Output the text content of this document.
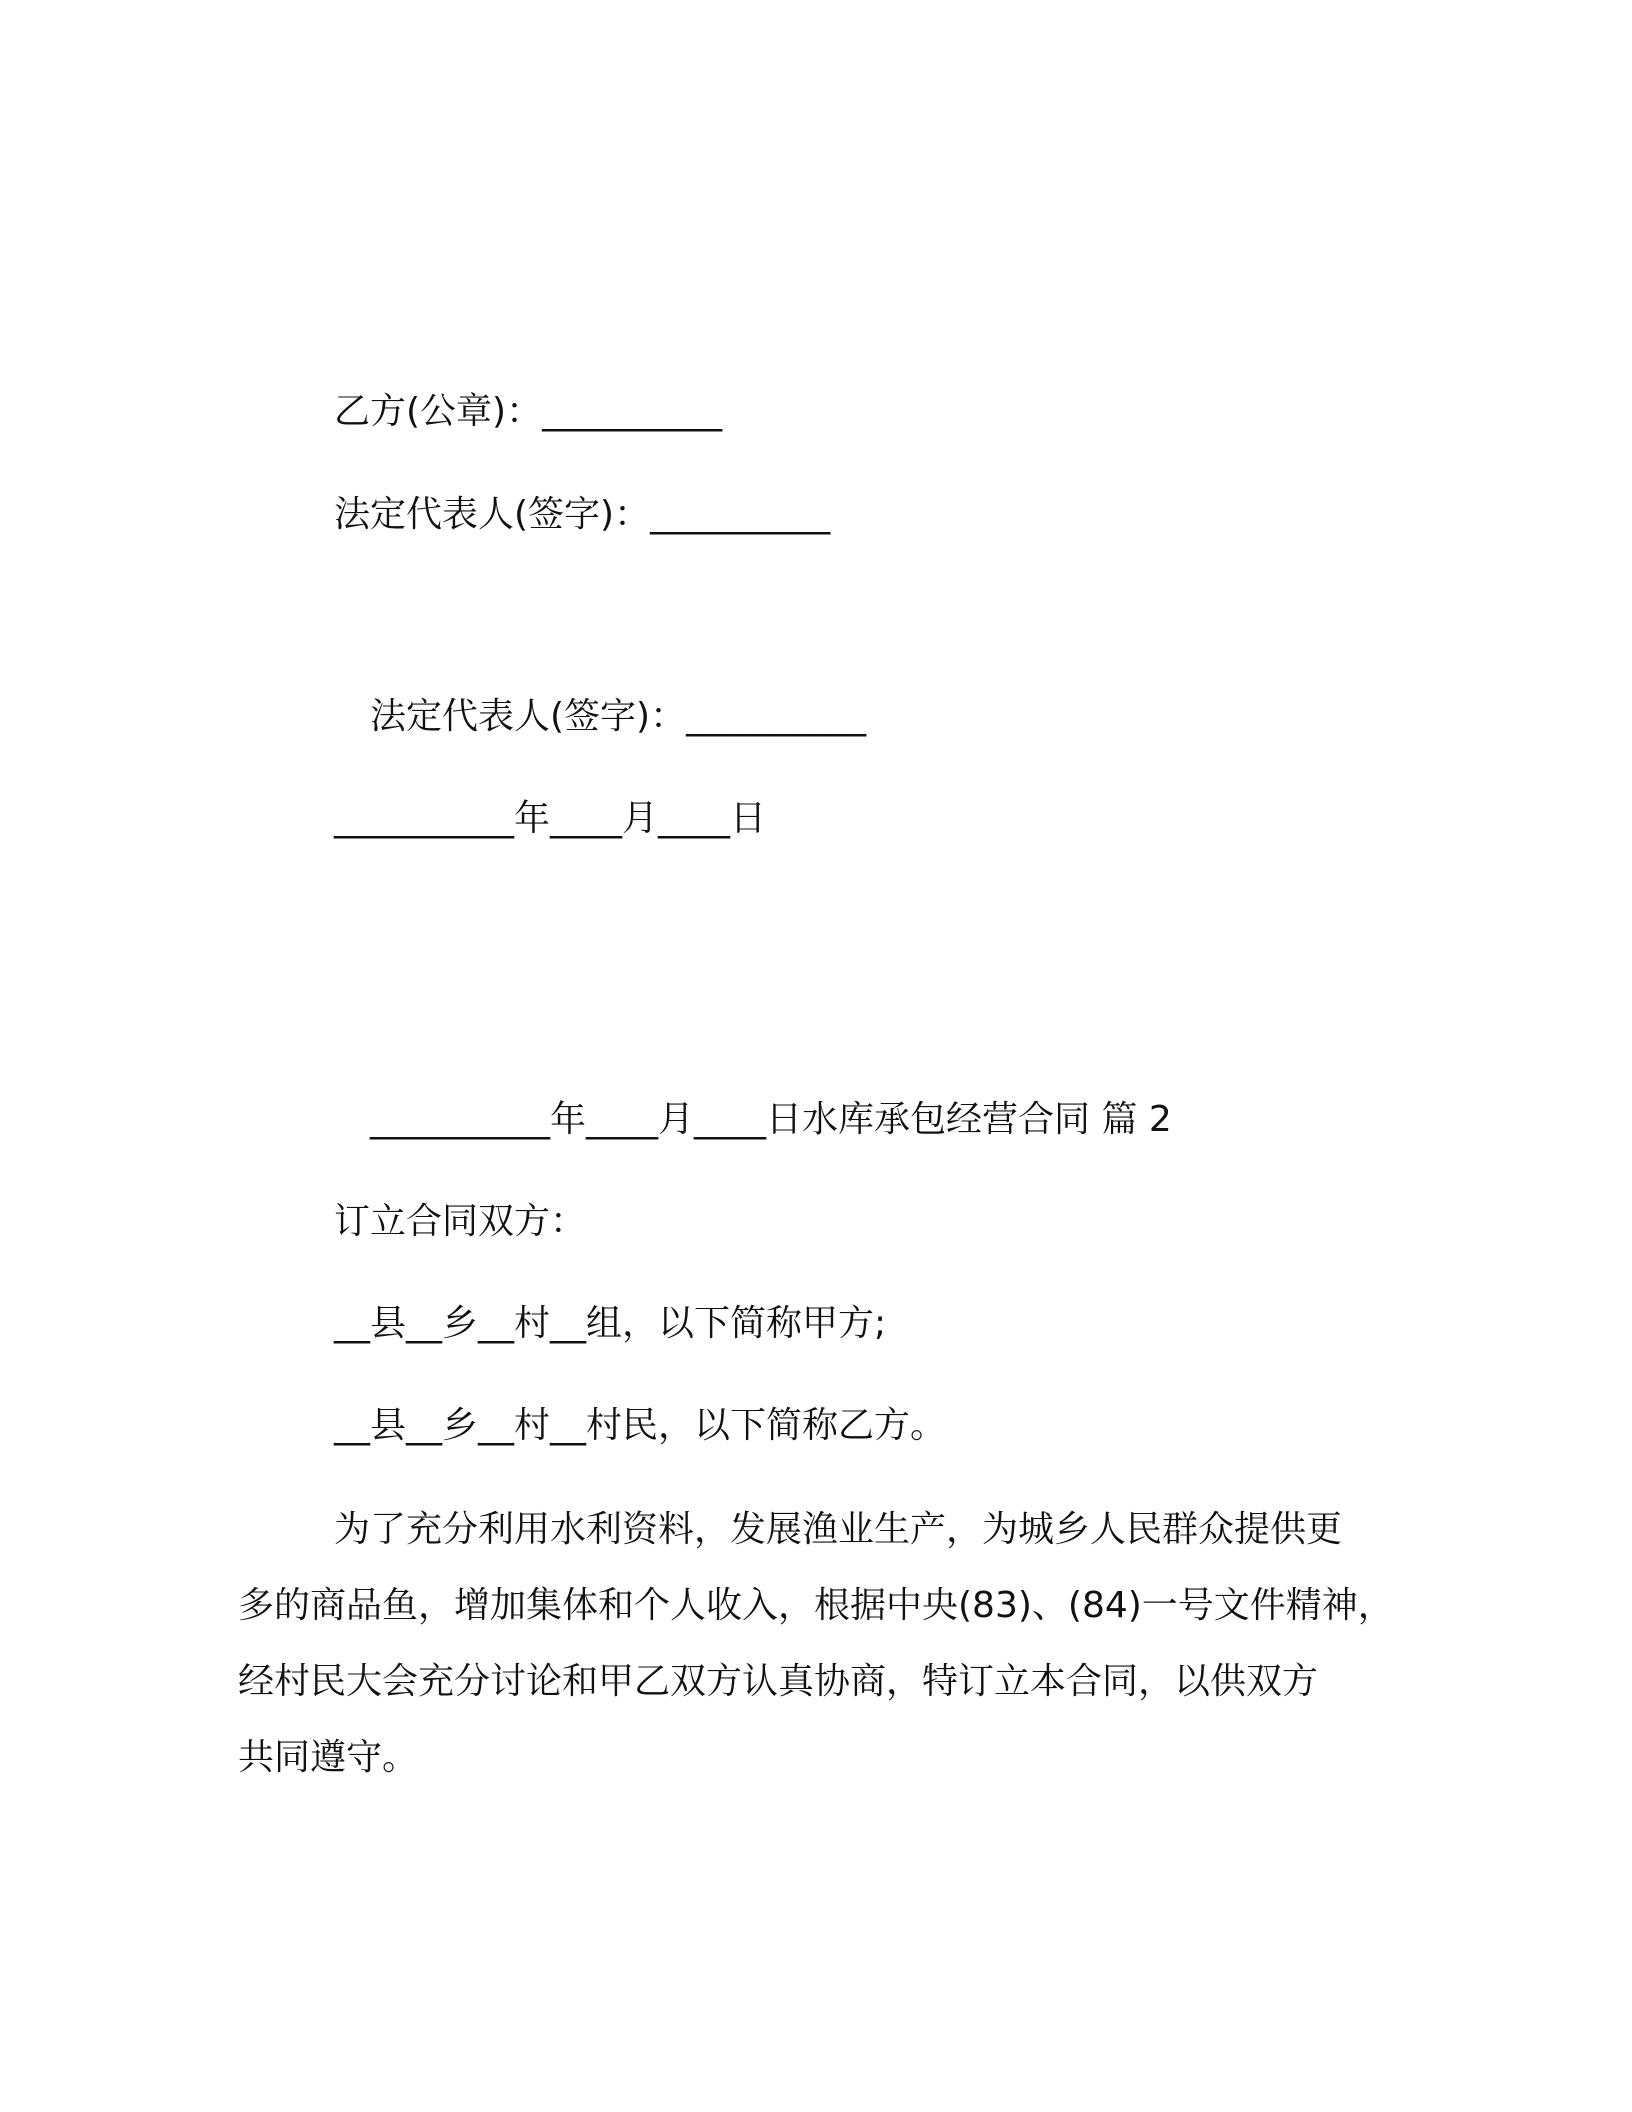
乙方(公章)：__________
法定代表人(签字)：__________
法定代表人(签字)：__________
__________年____月____日
__________年____月____日水库承包经营合同 篇 2
订立合同双方：
__县__乡__村__组，以下简称甲方;
__县__乡__村__村民，以下简称乙方。
为了充分利用水利资料，发展渔业生产，为城乡人民群众提供更
多的商品鱼，增加集体和个人收入，根据中央(83)、(84)一号文件精神，
经村民大会充分讨论和甲乙双方认真协商，特订立本合同，以供双方
共同遵守。
